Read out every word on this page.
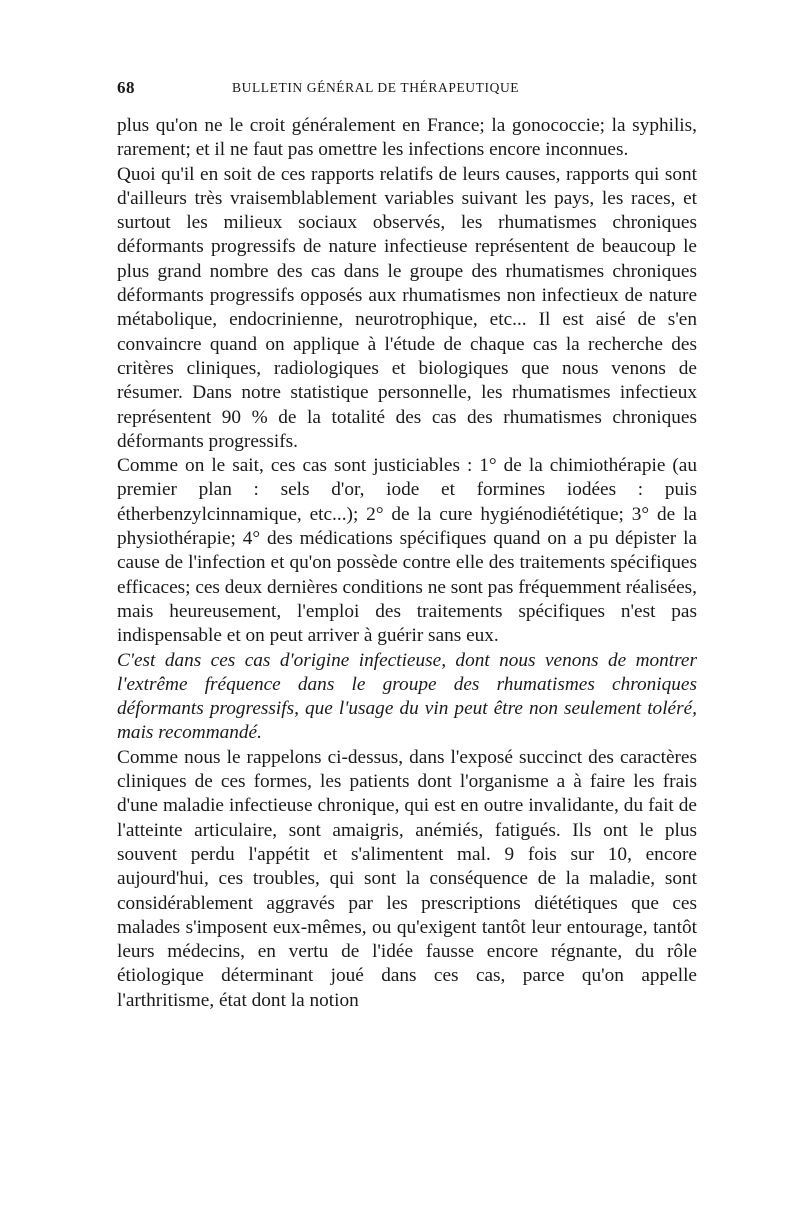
68	BULLETIN GÉNÉRAL DE THÉRAPEUTIQUE

plus qu'on ne le croit généralement en France; la gonococcie; la syphilis, rarement; et il ne faut pas omettre les infections encore inconnues.

Quoi qu'il en soit de ces rapports relatifs de leurs causes, rapports qui sont d'ailleurs très vraisemblablement variables suivant les pays, les races, et surtout les milieux sociaux observés, les rhumatismes chroniques déformants progressifs de nature infectieuse représentent de beaucoup le plus grand nombre des cas dans le groupe des rhumatismes chroniques déformants progressifs opposés aux rhumatismes non infectieux de nature métabolique, endocrinienne, neurotrophique, etc... Il est aisé de s'en convaincre quand on applique à l'étude de chaque cas la recherche des critères cliniques, radiologiques et biologiques que nous venons de résumer. Dans notre statistique personnelle, les rhumatismes infectieux représentent 90 % de la totalité des cas des rhumatismes chroniques déformants progressifs.

Comme on le sait, ces cas sont justiciables : 1° de la chimiothérapie (au premier plan : sels d'or, iode et formines iodées : puis étherbenzylcinnamique, etc...); 2° de la cure hygiénodiététique; 3° de la physiothérapie; 4° des médications spécifiques quand on a pu dépister la cause de l'infection et qu'on possède contre elle des traitements spécifiques efficaces; ces deux dernières conditions ne sont pas fréquemment réalisées, mais heureusement, l'emploi des traitements spécifiques n'est pas indispensable et on peut arriver à guérir sans eux.

C'est dans ces cas d'origine infectieuse, dont nous venons de montrer l'extrême fréquence dans le groupe des rhumatismes chroniques déformants progressifs, que l'usage du vin peut être non seulement toléré, mais recommandé.

Comme nous le rappelons ci-dessus, dans l'exposé succinct des caractères cliniques de ces formes, les patients dont l'organisme a à faire les frais d'une maladie infectieuse chronique, qui est en outre invalidante, du fait de l'atteinte articulaire, sont amaigris, anémiés, fatigués. Ils ont le plus souvent perdu l'appétit et s'alimentent mal. 9 fois sur 10, encore aujourd'hui, ces troubles, qui sont la conséquence de la maladie, sont considérablement aggravés par les prescriptions diététiques que ces malades s'imposent eux-mêmes, ou qu'exigent tantôt leur entourage, tantôt leurs médecins, en vertu de l'idée fausse encore régnante, du rôle étiologique déterminant joué dans ces cas, parce qu'on appelle l'arthritisme, état dont la notion
